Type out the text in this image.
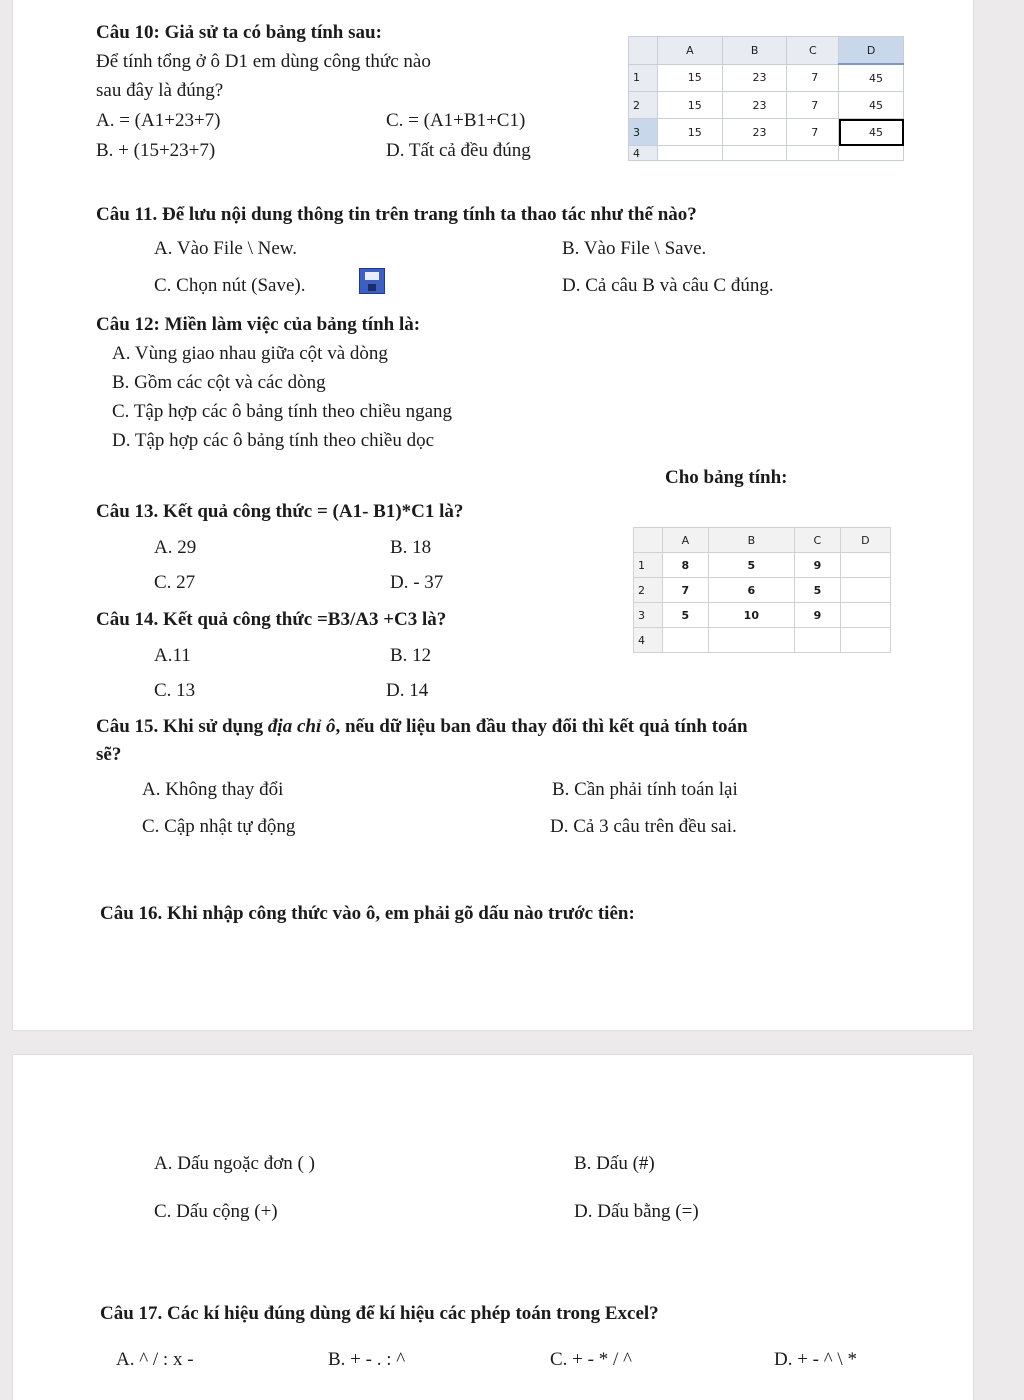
Câu 10: Giả sử ta có bảng tính sau:
Để tính tổng ở ô D1 em dùng công thức nào
sau đây là đúng?
A. = (A1+23+7)
B. + (15+23+7)
C. = (A1+B1+C1)
D. Tất cả đều đúng
	A	B	C	D
1	15	23	7	45
2	15	23	7	45
3	15	23	7	45
4				
Câu 11. Để lưu nội dung thông tin trên trang tính ta thao tác như thế nào?
A. Vào File \ New.	B. Vào File \ Save.
C. Chọn nút (Save).	D. Cả câu B và câu C đúng.
Câu 12: Miền làm việc của bảng tính là:
A. Vùng giao nhau giữa cột và dòng
B. Gồm các cột và các dòng
C. Tập hợp các ô bảng tính theo chiều ngang
D. Tập hợp các ô bảng tính theo chiều dọc
Cho bảng tính:
Câu 13. Kết quả công thức = (A1- B1)*C1 là?
A. 29	B. 18
C. 27	D. - 37
Câu 14. Kết quả công thức =B3/A3 +C3 là?
A.11	B. 12
C. 13	D. 14
	A	B	C	D
1	8	5	9	
2	7	6	5	
3	5	10	9	
4				
Câu 15. Khi sử dụng địa chỉ ô, nếu dữ liệu ban đầu thay đổi thì kết quả tính toán
sẽ?
A. Không thay đổi	B. Cần phải tính toán lại
C. Cập nhật tự động	D. Cả 3 câu trên đều sai.
Câu 16. Khi nhập công thức vào ô, em phải gõ dấu nào trước tiên:
A. Dấu ngoặc đơn ( )	B. Dấu (#)
C. Dấu cộng (+)	D. Dấu bằng (=)
Câu 17. Các kí hiệu đúng dùng để kí hiệu các phép toán trong Excel?
A. ^ / : x -	B. + - . : ^	C. + - * / ^	D. + - ^ \ *
